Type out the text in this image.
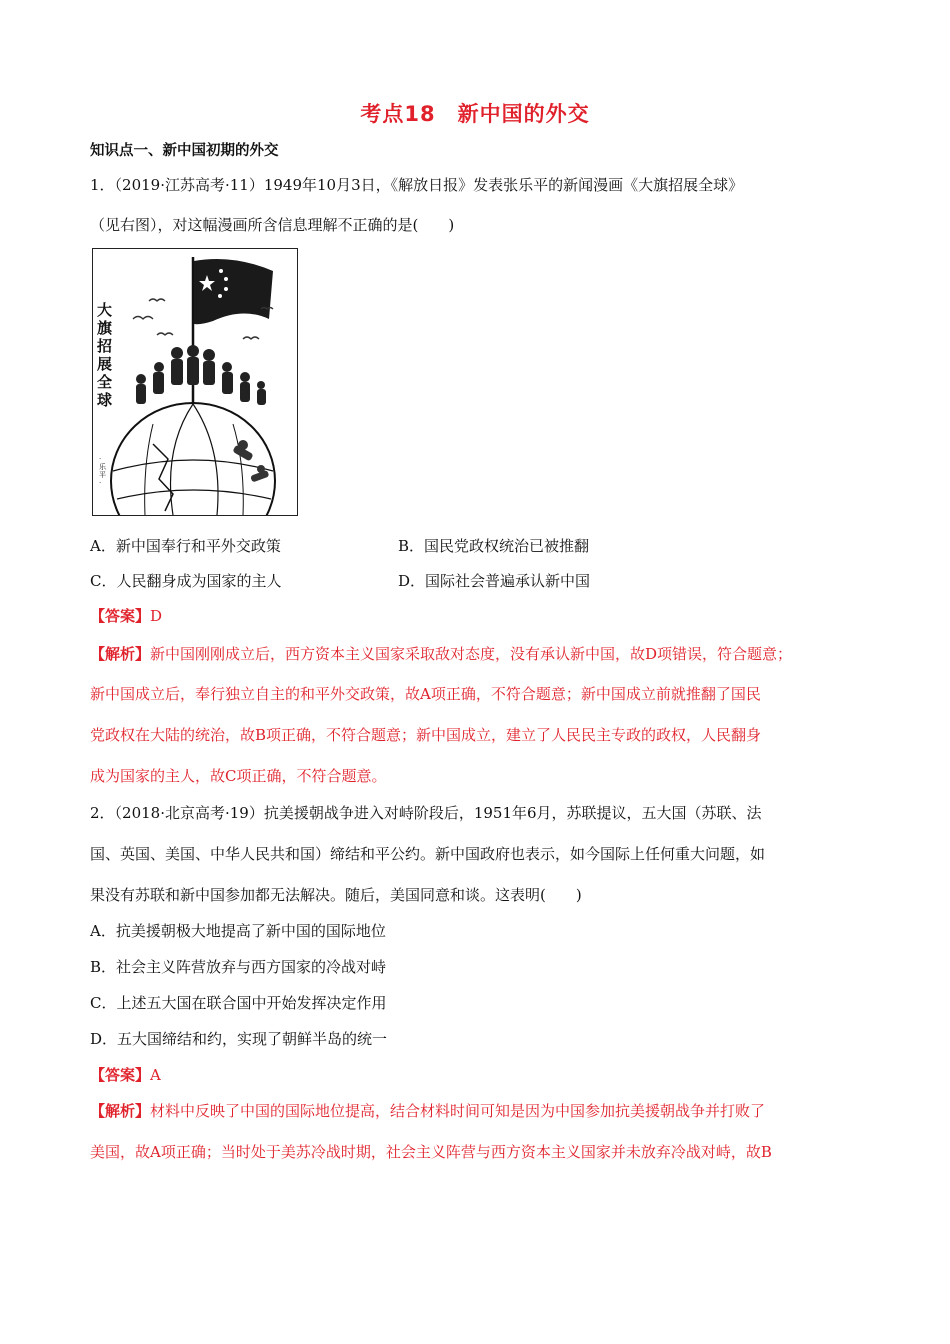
考点18　新中国的外交
知识点一、新中国初期的外交
1．（2019·江苏高考·11）1949年10月3日，《解放日报》发表张乐平的新闻漫画《大旗招展全球》
（见右图），对这幅漫画所含信息理解不正确的是(　　)
大 旗 招 展 全 球
·乐平·
A．新中国奉行和平外交政策	B．国民党政权统治已被推翻
C．人民翻身成为国家的主人	D．国际社会普遍承认新中国
【答案】D
【解析】新中国刚刚成立后，西方资本主义国家采取敌对态度，没有承认新中国，故D项错误，符合题意；
新中国成立后，奉行独立自主的和平外交政策，故A项正确，不符合题意；新中国成立前就推翻了国民
党政权在大陆的统治，故B项正确，不符合题意；新中国成立，建立了人民民主专政的政权，人民翻身
成为国家的主人，故C项正确，不符合题意。
2．（2018·北京高考·19）抗美援朝战争进入对峙阶段后，1951年6月，苏联提议，五大国（苏联、法
国、英国、美国、中华人民共和国）缔结和平公约。新中国政府也表示，如今国际上任何重大问题，如
果没有苏联和新中国参加都无法解决。随后，美国同意和谈。这表明(　　)
A．抗美援朝极大地提高了新中国的国际地位
B．社会主义阵营放弃与西方国家的冷战对峙
C．上述五大国在联合国中开始发挥决定作用
D．五大国缔结和约，实现了朝鲜半岛的统一
【答案】A
【解析】材料中反映了中国的国际地位提高，结合材料时间可知是因为中国参加抗美援朝战争并打败了
美国，故A项正确；当时处于美苏冷战时期，社会主义阵营与西方资本主义国家并未放弃冷战对峙，故B
